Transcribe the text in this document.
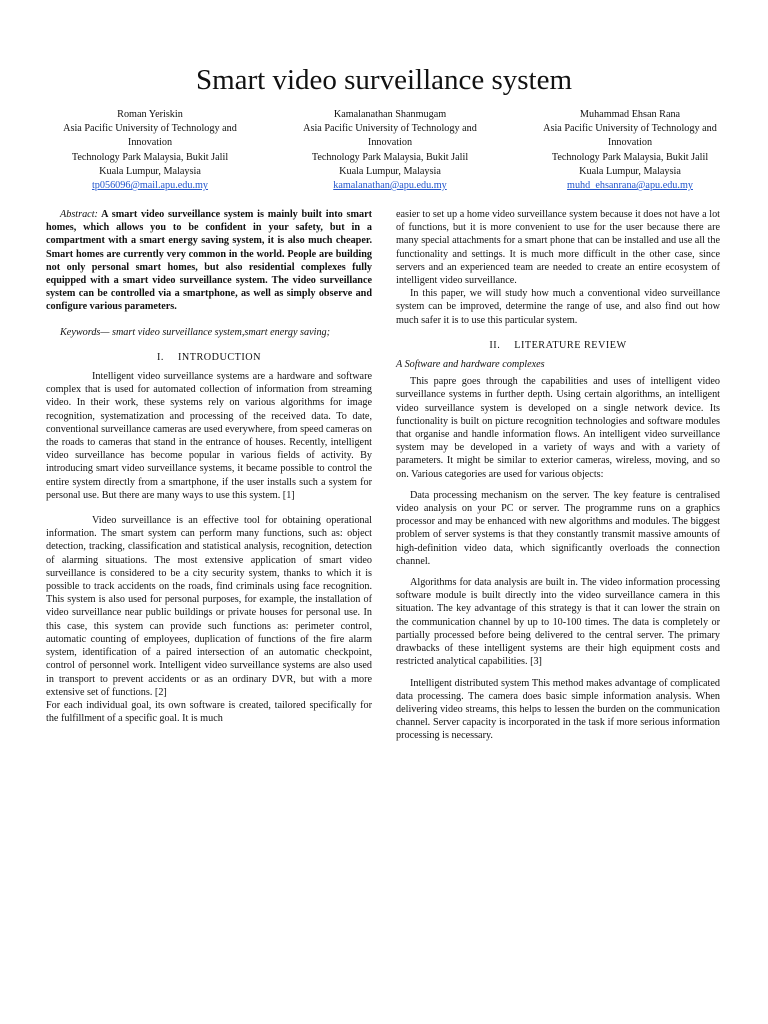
Smart video surveillance system
Roman Yeriskin
Asia Pacific University of Technology and Innovation
Technology Park Malaysia, Bukit Jalil
Kuala Lumpur, Malaysia
tp056096@mail.apu.edu.my
Kamalanathan Shanmugam
Asia Pacific University of Technology and Innovation
Technology Park Malaysia, Bukit Jalil
Kuala Lumpur, Malaysia
kamalanathan@apu.edu.my
Muhammad Ehsan Rana
Asia Pacific University of Technology and Innovation
Technology Park Malaysia, Bukit Jalil
Kuala Lumpur, Malaysia
muhd_ehsanrana@apu.edu.my

Abstract: A smart video surveillance system is mainly built into smart homes, which allows you to be confident in your safety, but in a compartment with a smart energy saving system, it is also much cheaper. Smart homes are currently very common in the world. People are building not only personal smart homes, but also residential complexes fully equipped with a smart video surveillance system. The video surveillance system can be controlled via a smartphone, as well as simply observe and configure various parameters.

Keywords— smart video surveillance system,smart energy saving;

I. INTRODUCTION

Intelligent video surveillance systems are a hardware and software complex that is used for automated collection of information from streaming video. In their work, these systems rely on various algorithms for image recognition, systematization and processing of the received data. To date, conventional surveillance cameras are used everywhere, from speed cameras on the roads to cameras that stand in the entrance of houses. Recently, intelligent video surveillance has become popular in various fields of activity. By introducing smart video surveillance systems, it became possible to control the entire system directly from a smartphone, if the user installs such a system for personal use. But there are many ways to use this system. [1]

Video surveillance is an effective tool for obtaining operational information. The smart system can perform many functions, such as: object detection, tracking, classification and statistical analysis, recognition, detection of alarming situations. The most extensive application of smart video surveillance is considered to be a city security system, thanks to which it is possible to track accidents on the roads, find criminals using face recognition. This system is also used for personal purposes, for example, the installation of video surveillance near public buildings or private houses for personal use. In this case, this system can provide such functions as: perimeter control, automatic counting of employees, duplication of functions of the fire alarm system, identification of a paired intersection of an automatic checkpoint, control of personnel work. Intelligent video surveillance systems are also used in transport to prevent accidents or as an ordinary DVR, but with a more extensive set of functions. [2]

For each individual goal, its own software is created, tailored specifically for the fulfillment of a specific goal. It is much

easier to set up a home video surveillance system because it does not have a lot of functions, but it is more convenient to use for the user because there are many special attachments for a smart phone that can be installed and use all the functionality and settings. It is much more difficult in the other case, since servers and an experienced team are needed to create an entire ecosystem of intelligent video surveillance.

In this paper, we will study how much a conventional video surveillance system can be improved, determine the range of use, and also find out how much safer it is to use this particular system.

II. LITERATURE REVIEW
A Software and hardware complexes

This papre goes through the capabilities and uses of intelligent video surveillance systems in further depth. Using certain algorithms, an intelligent video surveillance system is developed on a single network device. Its functionality is built on picture recognition technologies and software modules that organise and handle information flows. An intelligent video surveillance system may be developed in a variety of ways and with a variety of parameters. It might be similar to exterior cameras, wireless, moving, and so on. Various categories are used for various objects:

Data processing mechanism on the server. The key feature is centralised video analysis on your PC or server. The programme runs on a graphics processor and may be enhanced with new algorithms and modules. The biggest problem of server systems is that they constantly transmit massive amounts of high-definition video data, which significantly overloads the connection channel.

Algorithms for data analysis are built in. The video information processing software module is built directly into the video surveillance camera in this situation. The key advantage of this strategy is that it can lower the strain on the communication channel by up to 10-100 times. The data is completely or partially processed before being delivered to the central server. The primary drawbacks of these intelligent systems are their high equipment costs and restricted analytical capabilities. [3]

Intelligent distributed system This method makes advantage of complicated data processing. The camera does basic simple information analysis. When delivering video streams, this helps to lessen the burden on the communication channel. Server capacity is incorporated in the task if more serious information processing is necessary.
